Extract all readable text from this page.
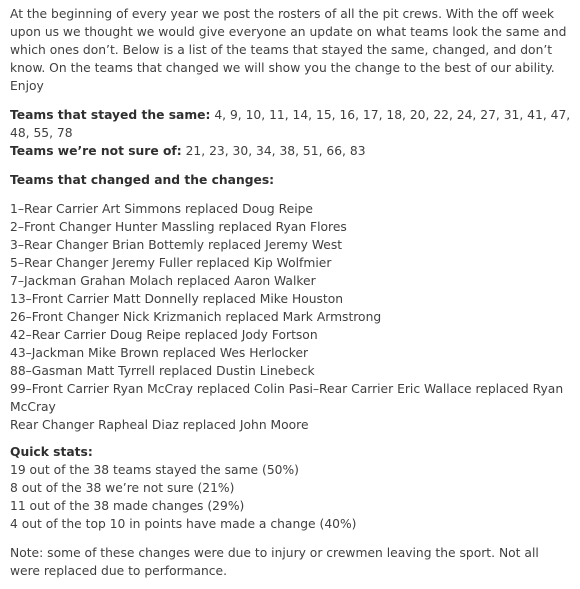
At the beginning of every year we post the rosters of all the pit crews. With the off week upon us we thought we would give everyone an update on what teams look the same and which ones don’t. Below is a list of the teams that stayed the same, changed, and don’t know. On the teams that changed we will show you the change to the best of our ability. Enjoy

Teams that stayed the same: 4, 9, 10, 11, 14, 15, 16, 17, 18, 20, 22, 24, 27, 31, 41, 47, 48, 55, 78

Teams we’re not sure of: 21, 23, 30, 34, 38, 51, 66, 83

Teams that changed and the changes:

1–Rear Carrier Art Simmons replaced Doug Reipe

2–Front Changer Hunter Massling replaced Ryan Flores

3–Rear Changer Brian Bottemly replaced Jeremy West

5–Rear Changer Jeremy Fuller replaced Kip Wolfmier

7–Jackman Grahan Molach replaced Aaron Walker

13–Front Carrier Matt Donnelly replaced Mike Houston

26–Front Changer Nick Krizmanich replaced Mark Armstrong

42–Rear Carrier Doug Reipe replaced Jody Fortson

43–Jackman Mike Brown replaced Wes Herlocker

88–Gasman Matt Tyrrell replaced Dustin Linebeck

99–Front Carrier Ryan McCray replaced Colin Pasi–Rear Carrier Eric Wallace replaced Ryan McCray

Rear Changer Rapheal Diaz replaced John Moore

Quick stats:

19 out of the 38 teams stayed the same (50%)

8 out of the 38 we’re not sure (21%)

11 out of the 38 made changes (29%)

4 out of the top 10 in points have made a change (40%)

Note: some of these changes were due to injury or crewmen leaving the sport. Not all were replaced due to performance.
